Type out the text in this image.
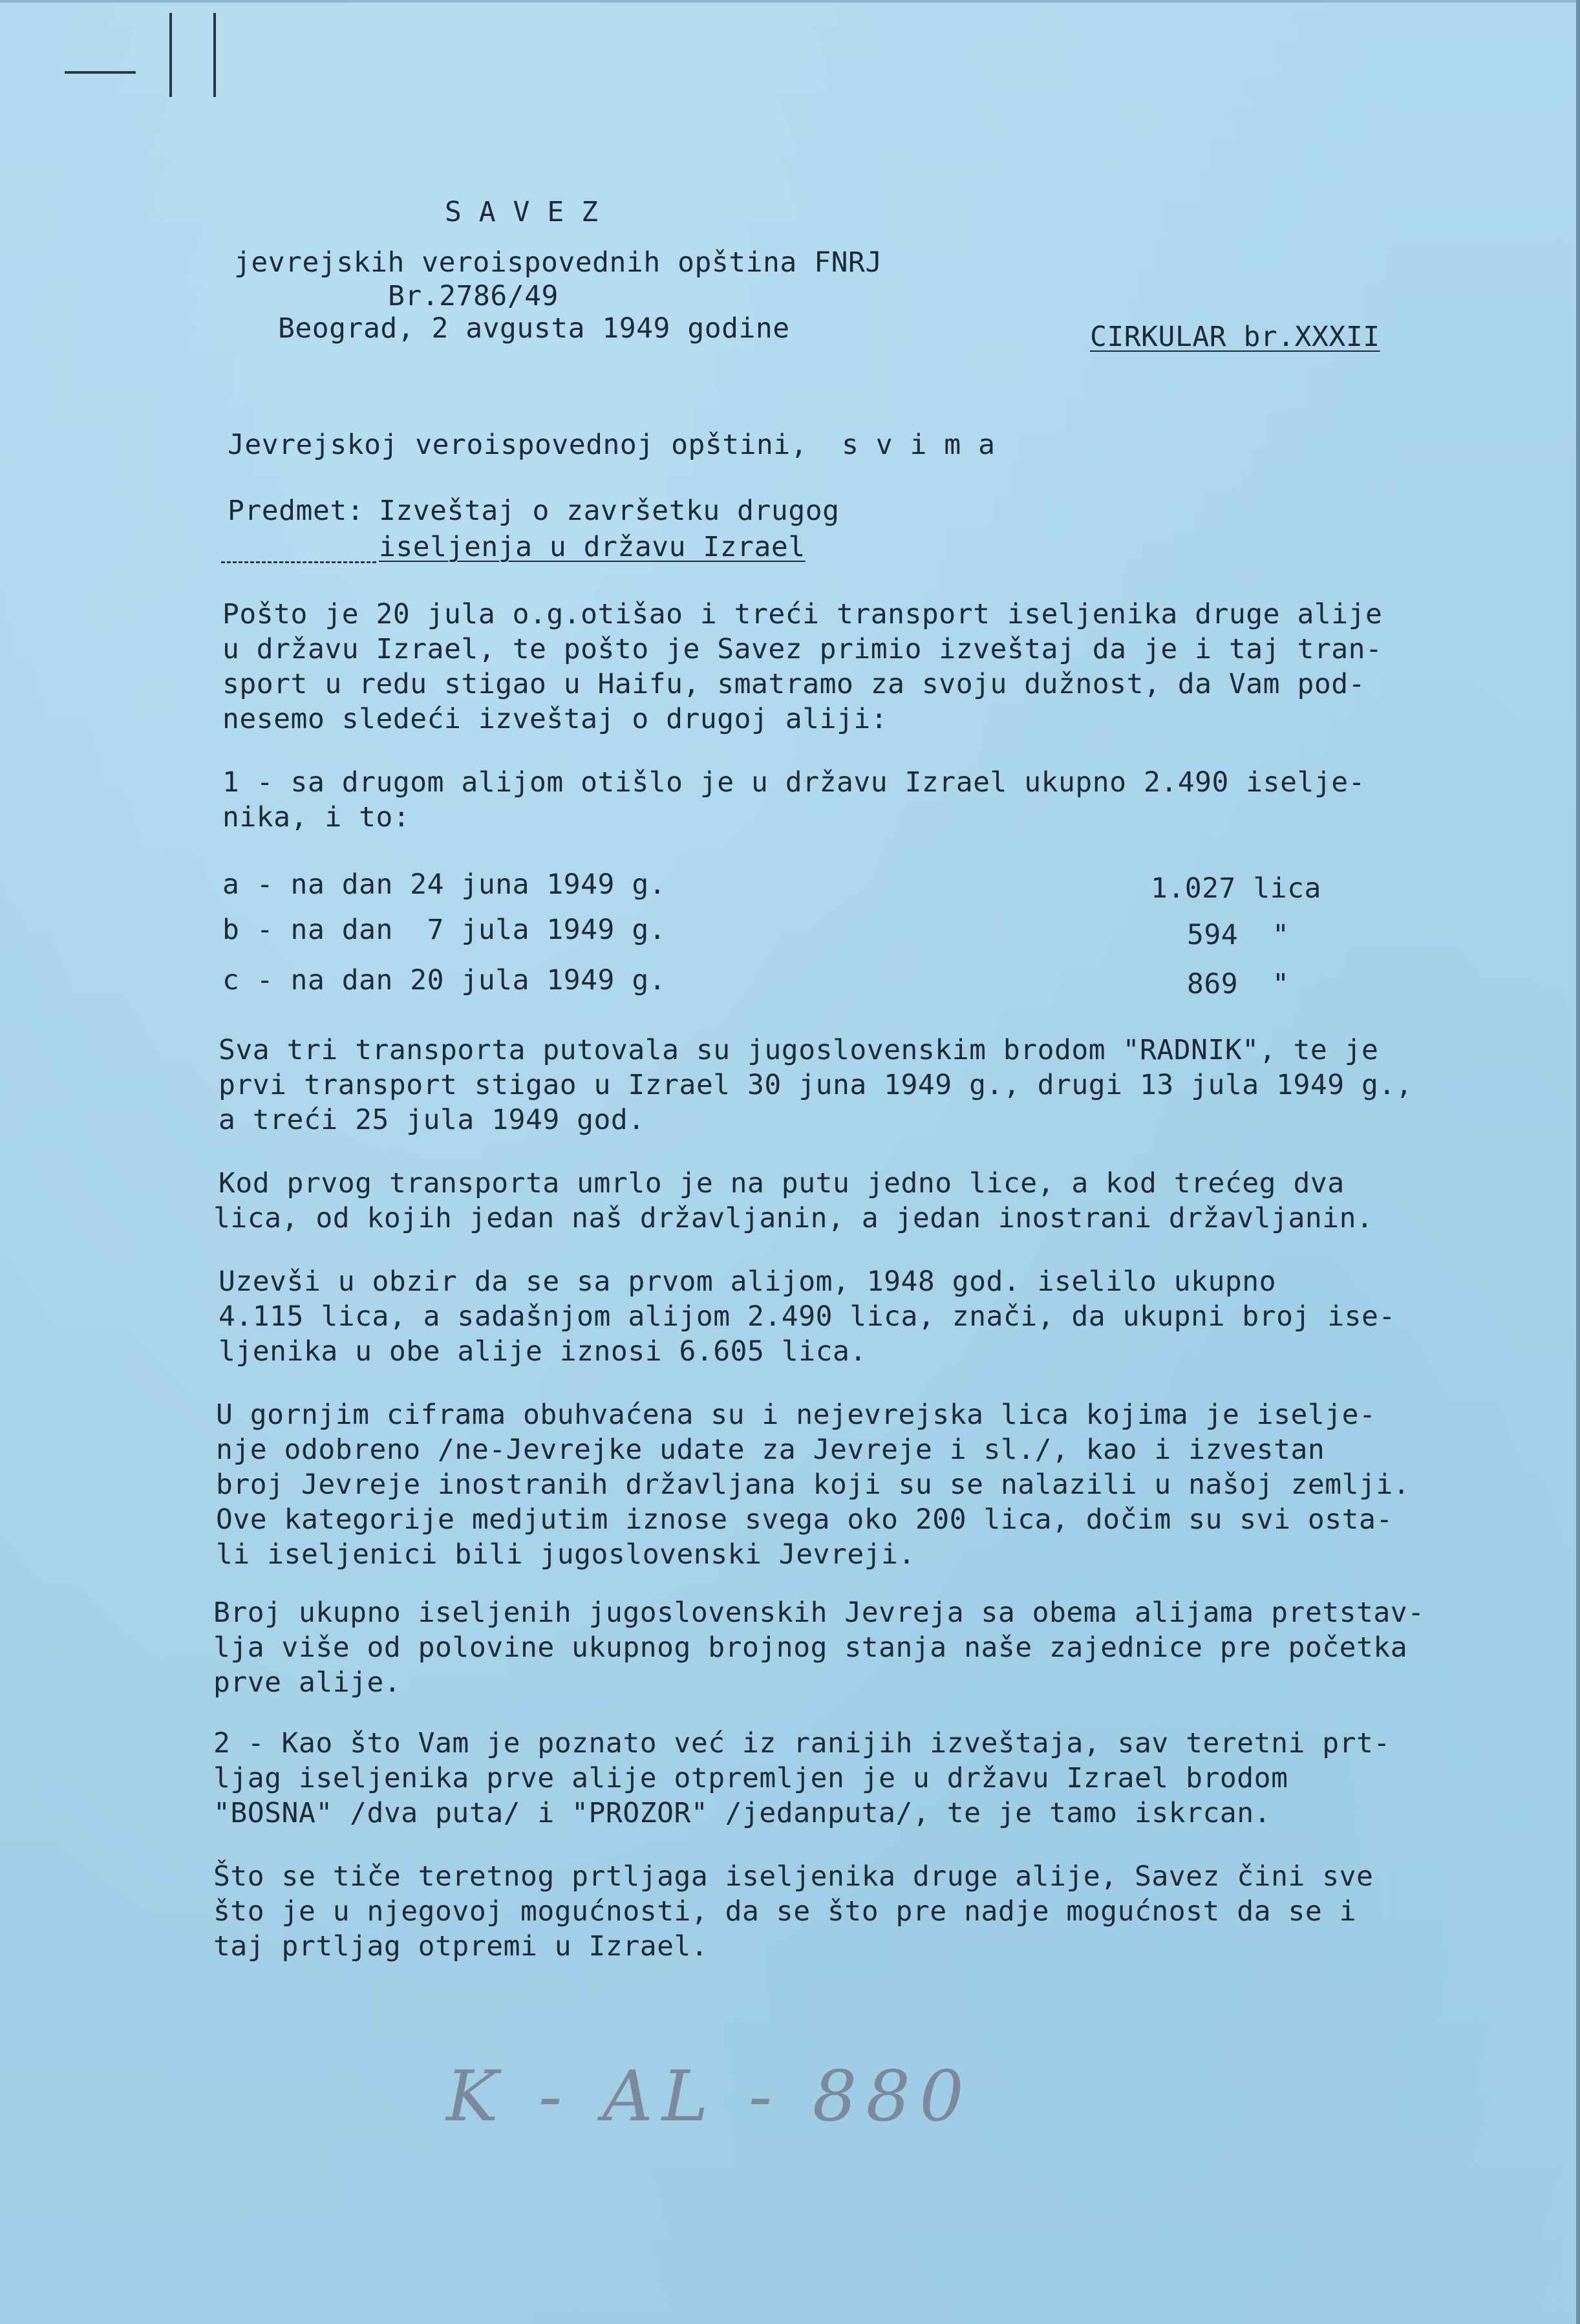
S A V E Z
jevrejskih veroispovednih opština FNRJ
Br.2786/49
Beograd, 2 avgusta 1949 godine	CIRKULAR br.XXXII
Jevrejskoj veroispovednoj opštini,  s v i m a
Predmet: Izveštaj o završetku drugog
iseljenja u državu Izrael
Pošto je 20 jula o.g.otišao i treći transport iseljenika druge alije
u državu Izrael, te pošto je Savez primio izveštaj da je i taj tran-
sport u redu stigao u Haifu, smatramo za svoju dužnost, da Vam pod-
nesemo sledeći izveštaj o drugoj aliji:
1 - sa drugom alijom otišlo je u državu Izrael ukupno 2.490 iselje-
nika, i to:
a - na dan 24 juna 1949 g.	1.027 lica
b - na dan  7 jula 1949 g.	594  "
c - na dan 20 jula 1949 g.	869  "
Sva tri transporta putovala su jugoslovenskim brodom "RADNIK", te je
prvi transport stigao u Izrael 30 juna 1949 g., drugi 13 jula 1949 g.,
a treći 25 jula 1949 god.
Kod prvog transporta umrlo je na putu jedno lice, a kod trećeg dva
lica, od kojih jedan naš državljanin, a jedan inostrani državljanin.
Uzevši u obzir da se sa prvom alijom, 1948 god. iselilo ukupno
4.115 lica, a sadašnjom alijom 2.490 lica, znači, da ukupni broj ise-
ljenika u obe alije iznosi 6.605 lica.
U gornjim ciframa obuhvaćena su i nejevrejska lica kojima je iselje-
nje odobreno /ne-Jevrejke udate za Jevreje i sl./, kao i izvestan
broj Jevreje inostranih državljana koji su se nalazili u našoj zemlji.
Ove kategorije medjutim iznose svega oko 200 lica, dočim su svi osta-
li iseljenici bili jugoslovenski Jevreji.
Broj ukupno iseljenih jugoslovenskih Jevreja sa obema alijama pretstav-
lja više od polovine ukupnog brojnog stanja naše zajednice pre početka
prve alije.
2 - Kao što Vam je poznato već iz ranijih izveštaja, sav teretni prt-
ljag iseljenika prve alije otpremljen je u državu Izrael brodom
"BOSNA" /dva puta/ i "PROZOR" /jedanputa/, te je tamo iskrcan.
Što se tiče teretnog prtljaga iseljenika druge alije, Savez čini sve
što je u njegovoj mogućnosti, da se što pre nadje mogućnost da se i
taj prtljag otpremi u Izrael.
K - AL - 880
